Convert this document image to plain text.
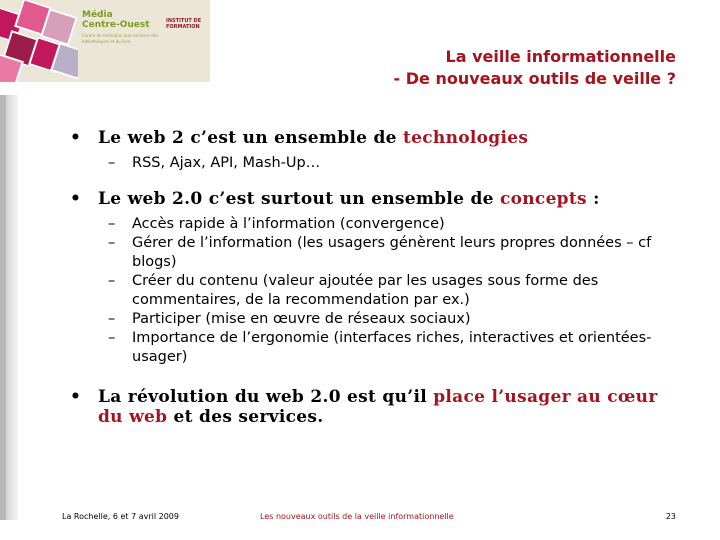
Média
Centre-Ouest
Centre de formation aux carrières des bibliothèques et du livre
INSTITUT DE FORMATION
La veille informationnelle
- De nouveaux outils de veille ?
• Le web 2 c’est un ensemble de technologies
– RSS, Ajax, API, Mash-Up…
• Le web 2.0 c’est surtout un ensemble de concepts :
– Accès rapide à l’information (convergence)
– Gérer de l’information (les usagers génèrent leurs propres données – cf blogs)
– Créer du contenu (valeur ajoutée par les usages sous forme des commentaires, de la recommendation par ex.)
– Participer (mise en œuvre de réseaux sociaux)
– Importance de l’ergonomie (interfaces riches, interactives et orientées-usager)
• La révolution du web 2.0 est qu’il place l’usager au cœur du web et des services.
La Rochelle, 6 et 7 avril 2009	Les nouveaux outils de la veille informationnelle	23
